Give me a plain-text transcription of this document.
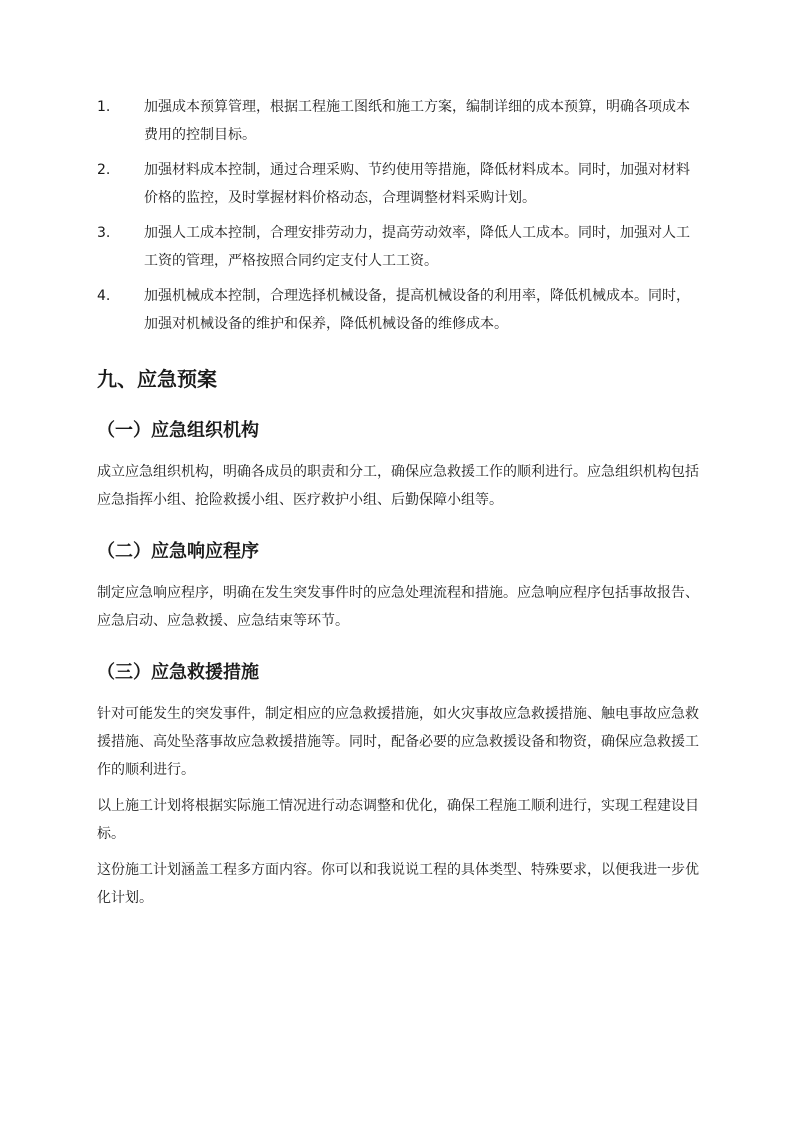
1.	加强成本预算管理，根据工程施工图纸和施工方案，编制详细的成本预算，明确各项成本费用的控制目标。
2.	加强材料成本控制，通过合理采购、节约使用等措施，降低材料成本。同时，加强对材料价格的监控，及时掌握材料价格动态，合理调整材料采购计划。
3.	加强人工成本控制，合理安排劳动力，提高劳动效率，降低人工成本。同时，加强对人工工资的管理，严格按照合同约定支付人工工资。
4.	加强机械成本控制，合理选择机械设备，提高机械设备的利用率，降低机械成本。同时，加强对机械设备的维护和保养，降低机械设备的维修成本。
九、应急预案
（一）应急组织机构
成立应急组织机构，明确各成员的职责和分工，确保应急救援工作的顺利进行。应急组织机构包括应急指挥小组、抢险救援小组、医疗救护小组、后勤保障小组等。
（二）应急响应程序
制定应急响应程序，明确在发生突发事件时的应急处理流程和措施。应急响应程序包括事故报告、应急启动、应急救援、应急结束等环节。
（三）应急救援措施
针对可能发生的突发事件，制定相应的应急救援措施，如火灾事故应急救援措施、触电事故应急救援措施、高处坠落事故应急救援措施等。同时，配备必要的应急救援设备和物资，确保应急救援工作的顺利进行。
以上施工计划将根据实际施工情况进行动态调整和优化，确保工程施工顺利进行，实现工程建设目标。
这份施工计划涵盖工程多方面内容。你可以和我说说工程的具体类型、特殊要求，以便我进一步优化计划。
